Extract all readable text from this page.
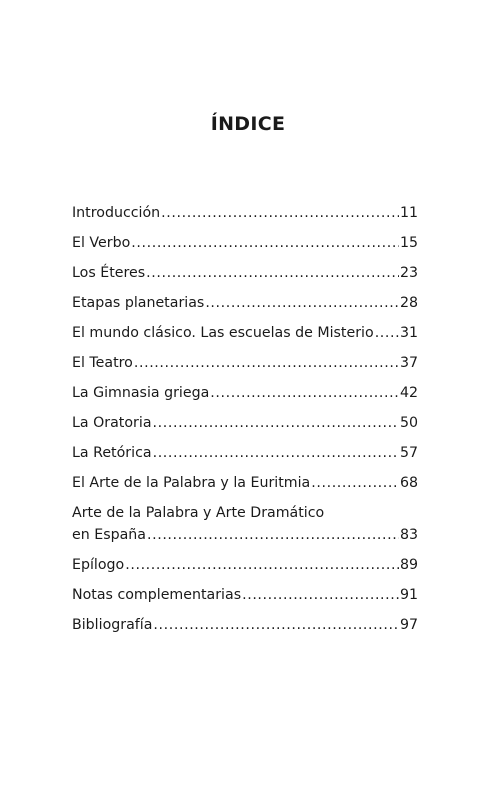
ÍNDICE
Introducción .....	11
El Verbo .....	15
Los Éteres .....	23
Etapas planetarias .....	28
El mundo clásico. Las escuelas de Misterio ..... 31
El Teatro .....	37
La Gimnasia griega .....	42
La Oratoria .....	50
La Retórica .....	57
El Arte de la Palabra y la Euritmia .....	68
Arte de la Palabra y Arte Dramático
en España .....	83
Epílogo .....	89
Notas complementarias .....	91
Bibliografía .....	97
